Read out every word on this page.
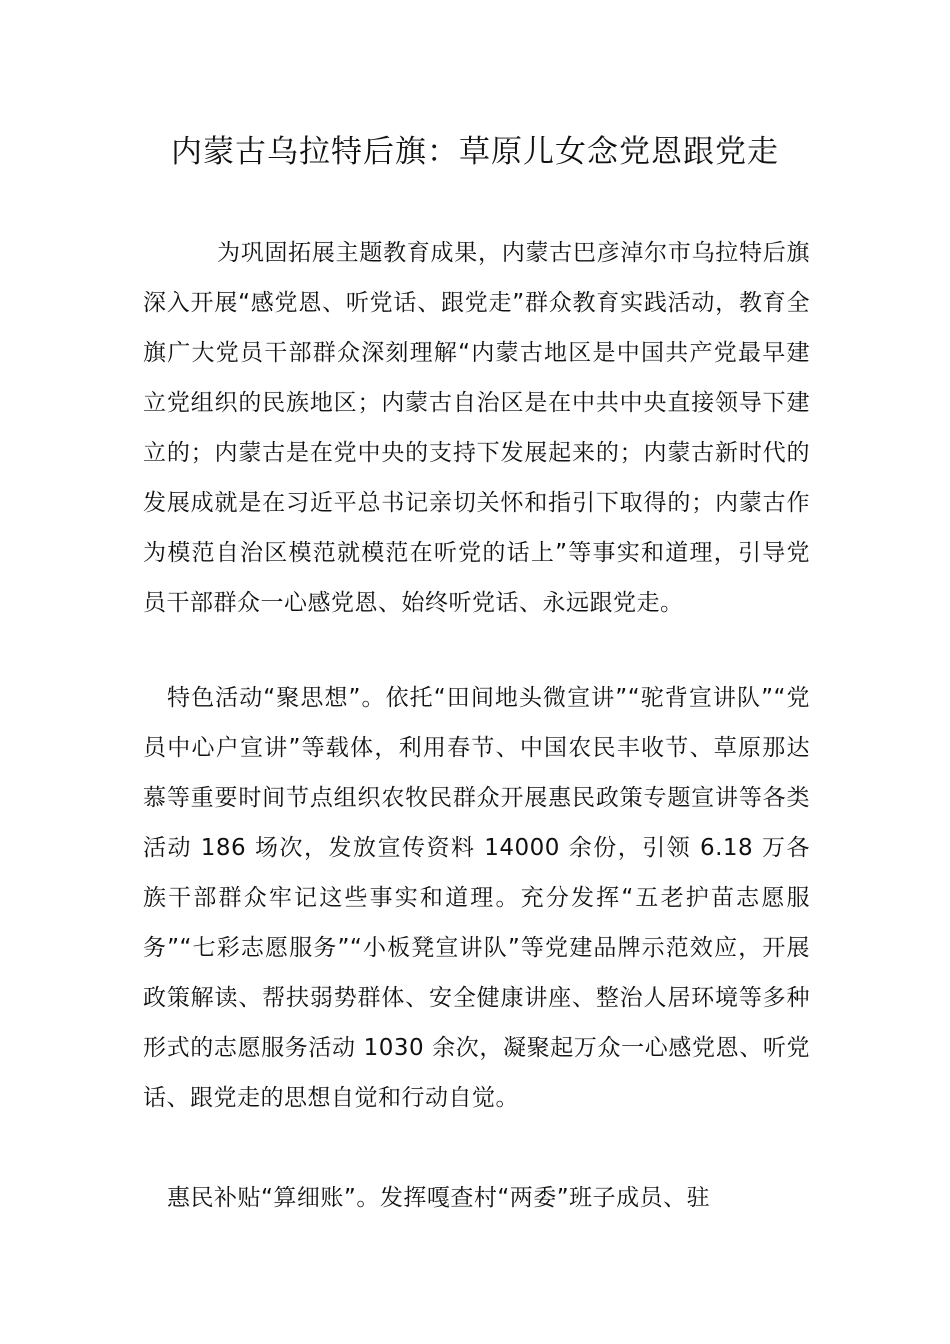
内蒙古乌拉特后旗：草原儿女念党恩跟党走

为巩固拓展主题教育成果，内蒙古巴彦淖尔市乌拉特后旗深入开展“感党恩、听党话、跟党走”群众教育实践活动，教育全旗广大党员干部群众深刻理解“内蒙古地区是中国共产党最早建立党组织的民族地区；内蒙古自治区是在中共中央直接领导下建立的；内蒙古是在党中央的支持下发展起来的；内蒙古新时代的发展成就是在习近平总书记亲切关怀和指引下取得的；内蒙古作为模范自治区模范就模范在听党的话上”等事实和道理，引导党员干部群众一心感党恩、始终听党话、永远跟党走。

特色活动“聚思想”。依托“田间地头微宣讲”“驼背宣讲队”“党员中心户宣讲”等载体，利用春节、中国农民丰收节、草原那达慕等重要时间节点组织农牧民群众开展惠民政策专题宣讲等各类活动 186 场次，发放宣传资料 14000 余份，引领 6.18 万各族干部群众牢记这些事实和道理。充分发挥“五老护苗志愿服务”“七彩志愿服务”“小板凳宣讲队”等党建品牌示范效应，开展政策解读、帮扶弱势群体、安全健康讲座、整治人居环境等多种形式的志愿服务活动 1030 余次，凝聚起万众一心感党恩、听党话、跟党走的思想自觉和行动自觉。

惠民补贴“算细账”。发挥嘎查村“两委”班子成员、驻
